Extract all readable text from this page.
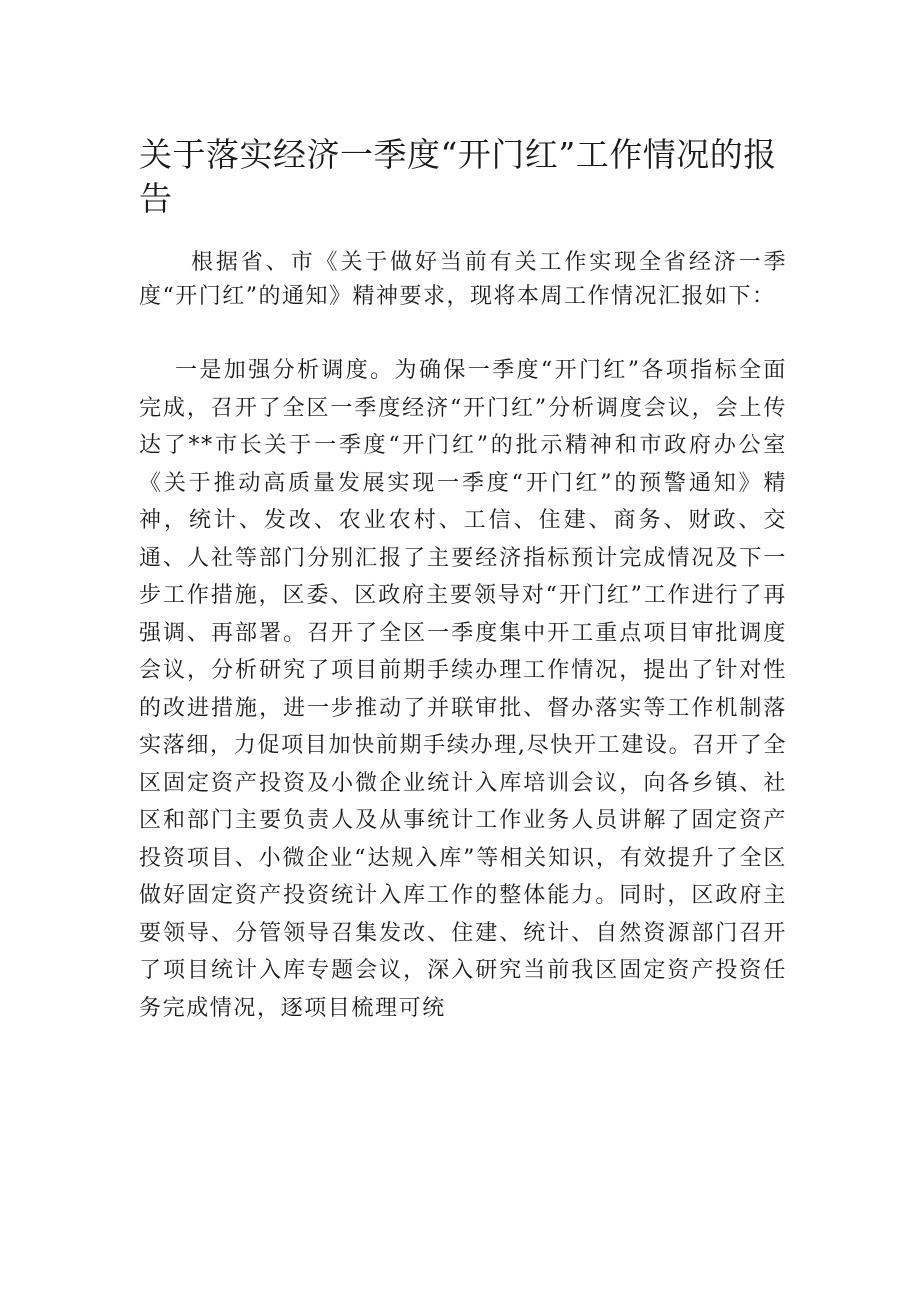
关于落实经济一季度“开门红”工作情况的报告

根据省、市《关于做好当前有关工作实现全省经济一季度“开门红”的通知》精神要求，现将本周工作情况汇报如下：

一是加强分析调度。为确保一季度“开门红”各项指标全面完成，召开了全区一季度经济“开门红”分析调度会议，会上传达了**市长关于一季度“开门红”的批示精神和市政府办公室《关于推动高质量发展实现一季度“开门红”的预警通知》精神，统计、发改、农业农村、工信、住建、商务、财政、交通、人社等部门分别汇报了主要经济指标预计完成情况及下一步工作措施，区委、区政府主要领导对“开门红”工作进行了再强调、再部署。召开了全区一季度集中开工重点项目审批调度会议，分析研究了项目前期手续办理工作情况，提出了针对性的改进措施，进一步推动了并联审批、督办落实等工作机制落实落细，力促项目加快前期手续办理,尽快开工建设。召开了全区固定资产投资及小微企业统计入库培训会议，向各乡镇、社区和部门主要负责人及从事统计工作业务人员讲解了固定资产投资项目、小微企业“达规入库”等相关知识，有效提升了全区做好固定资产投资统计入库工作的整体能力。同时，区政府主要领导、分管领导召集发改、住建、统计、自然资源部门召开了项目统计入库专题会议，深入研究当前我区固定资产投资任务完成情况，逐项目梳理可统
